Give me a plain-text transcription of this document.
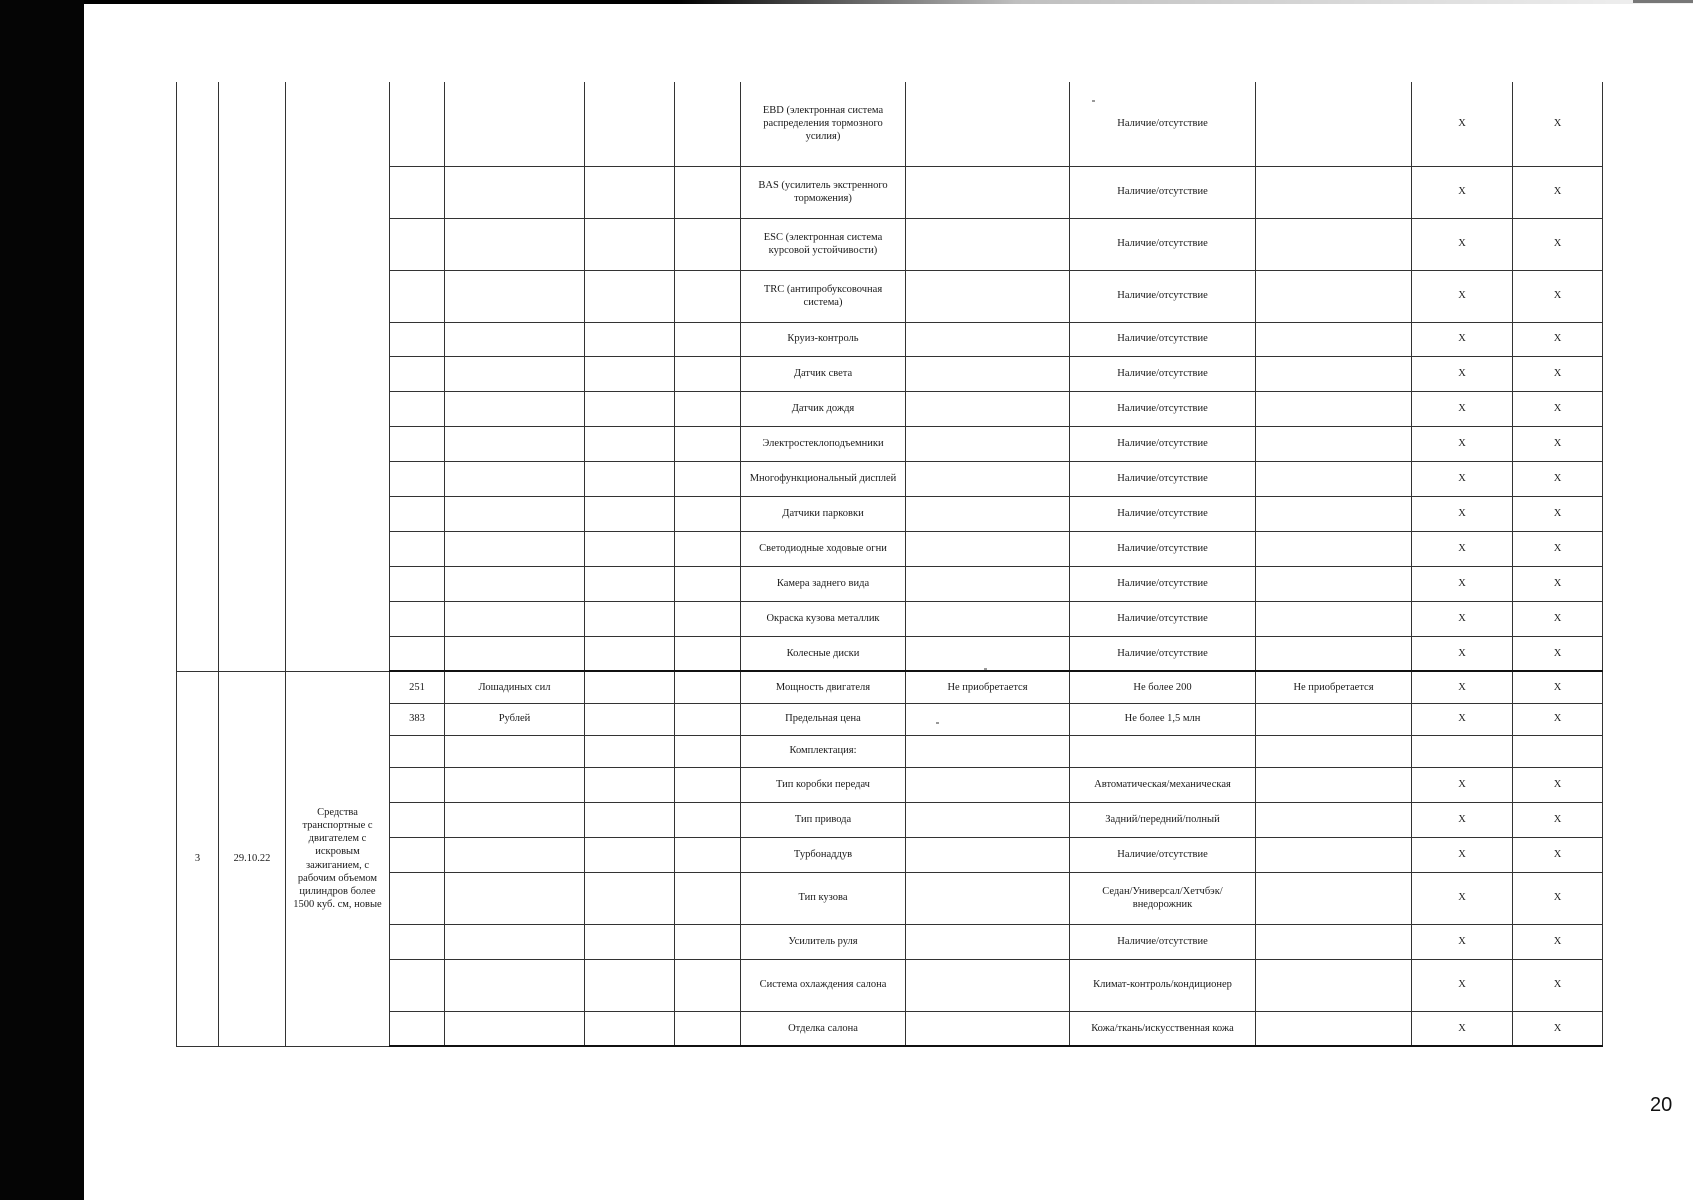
							EBD (электронная система распределения тормозного усилия)		Наличие/отсутствие		X	X
							BAS (усилитель экстренного торможения)		Наличие/отсутствие		X	X
							ESC (электронная система курсовой устойчивости)		Наличие/отсутствие		X	X
							TRC (антипробуксовочная система)		Наличие/отсутствие		X	X
							Круиз-контроль		Наличие/отсутствие		X	X
							Датчик света		Наличие/отсутствие		X	X
							Датчик дождя		Наличие/отсутствие		X	X
							Электростеклоподъемники		Наличие/отсутствие		X	X
							Многофункциональный дисплей		Наличие/отсутствие		X	X
							Датчики парковки		Наличие/отсутствие		X	X
							Светодиодные ходовые огни		Наличие/отсутствие		X	X
							Камера заднего вида		Наличие/отсутствие		X	X
							Окраска кузова металлик		Наличие/отсутствие		X	X
							Колесные диски		Наличие/отсутствие		X	X
3	29.10.22	Средства транспортные с двигателем с искровым зажиганием, с рабочим объемом цилиндров более 1500 куб. см, новые	251	Лошадиных сил			Мощность двигателя	Не приобретается	Не более 200	Не приобретается	X	X
			383	Рублей			Предельная цена		Не более 1,5 млн		X	X
							Комплектация:					
							Тип коробки передач		Автоматическая/механическая		X	X
							Тип привода		Задний/передний/полный		X	X
							Турбонаддув		Наличие/отсутствие		X	X
							Тип кузова		Седан/Универсал/Хетчбэк/внедорожник		X	X
							Усилитель руля		Наличие/отсутствие		X	X
							Система охлаждения салона		Климат-контроль/кондиционер		X	X
							Отделка салона		Кожа/ткань/искусственная кожа		X	X
20
